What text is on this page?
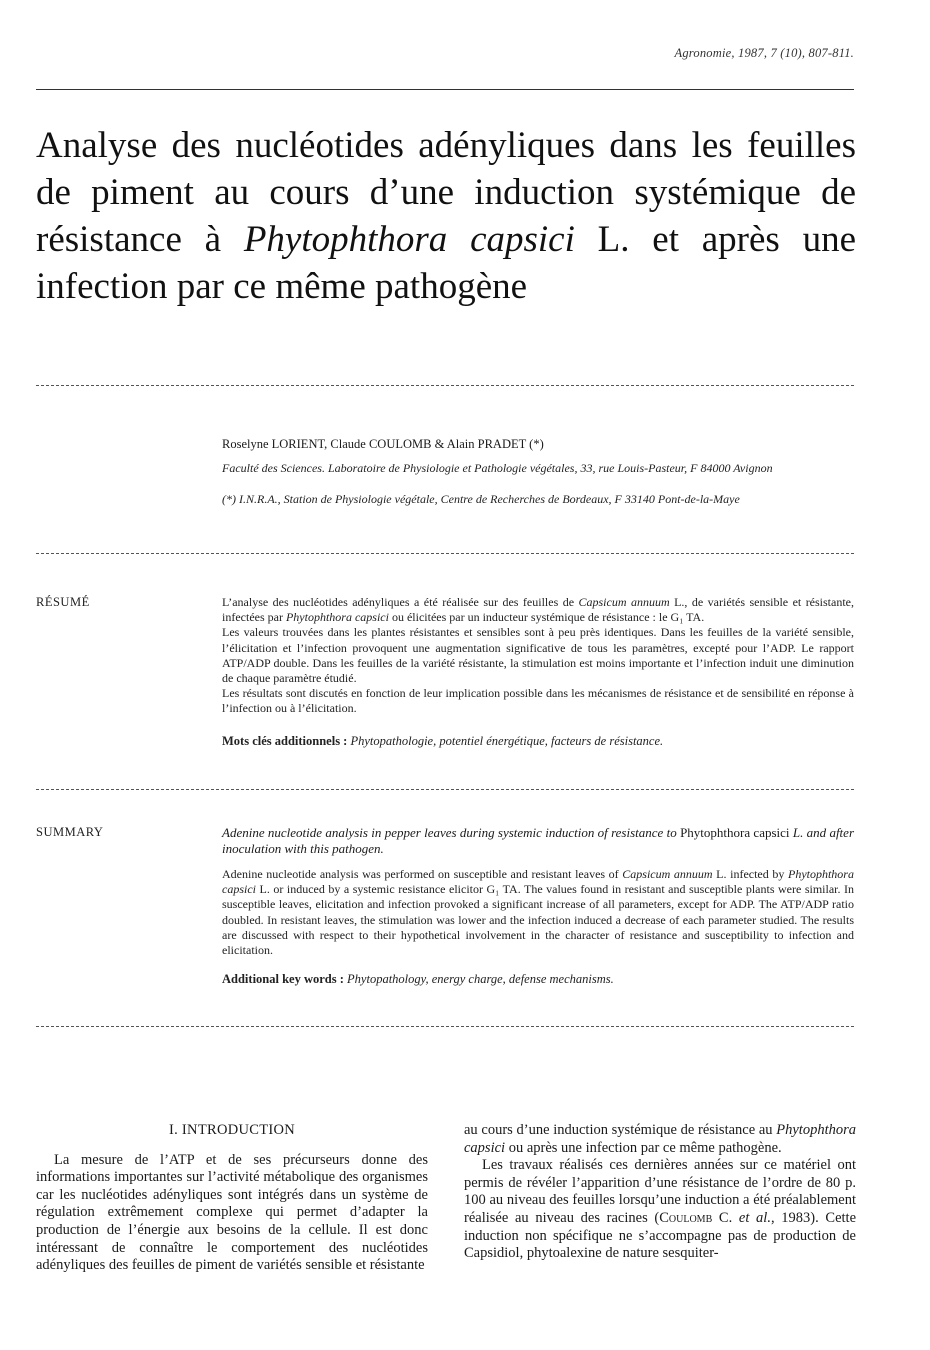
Agronomie, 1987, 7 (10), 807-811.
Analyse des nucléotides adényliques dans les feuilles de piment au cours d’une induction systémique de résistance à Phytophthora capsici L. et après une infection par ce même pathogène
Roselyne LORIENT, Claude COULOMB & Alain PRADET (*)
Faculté des Sciences. Laboratoire de Physiologie et Pathologie végétales, 33, rue Louis-Pasteur, F 84000 Avignon
(*) I.N.R.A., Station de Physiologie végétale, Centre de Recherches de Bordeaux, F 33140 Pont-de-la-Maye
RÉSUMÉ	L’analyse des nucléotides adényliques a été réalisée sur des feuilles de Capsicum annuum L., de variétés sensible et résistante, infectées par Phytophthora capsici ou élicitées par un inducteur systémique de résistance : le G₁ TA.

Les valeurs trouvées dans les plantes résistantes et sensibles sont à peu près identiques. Dans les feuilles de la variété sensible, l’élicitation et l’infection provoquent une augmentation significative de tous les paramètres, excepté pour l’ADP. Le rapport ATP/ADP double. Dans les feuilles de la variété résistante, la stimulation est moins importante et l’infection induit une diminution de chaque paramètre étudié.

Les résultats sont discutés en fonction de leur implication possible dans les mécanismes de résistance et de sensibilité en réponse à l’infection ou à l’élicitation.

Mots clés additionnels : Phytopathologie, potentiel énergétique, facteurs de résistance.
SUMMARY	Adenine nucleotide analysis in pepper leaves during systemic induction of resistance to Phytophthora capsici L. and after inoculation with this pathogen.

Adenine nucleotide analysis was performed on susceptible and resistant leaves of Capsicum annuum L. infected by Phytophthora capsici L. or induced by a systemic resistance elicitor G₁ TA. The values found in resistant and susceptible plants were similar. In susceptible leaves, elicitation and infection provoked a significant increase of all parameters, except for ADP. The ATP/ADP ratio doubled. In resistant leaves, the stimulation was lower and the infection induced a decrease of each parameter studied. The results are discussed with respect to their hypothetical involvement in the character of resistance and susceptibility to infection and elicitation.

Additional key words : Phytopathology, energy charge, defense mechanisms.
I. INTRODUCTION

La mesure de l’ATP et de ses précurseurs donne des informations importantes sur l’activité métabolique des organismes car les nucléotides adényliques sont intégrés dans un système de régulation extrêmement complexe qui permet d’adapter la production de l’énergie aux besoins de la cellule. Il est donc intéressant de connaître le comportement des nucléotides adényliques des feuilles de piment de variétés sensible et résistante

au cours d’une induction systémique de résistance au Phytophthora capsici ou après une infection par ce même pathogène.

Les travaux réalisés ces dernières années sur ce matériel ont permis de révéler l’apparition d’une résistance de l’ordre de 80 p. 100 au niveau des feuilles lorsqu’une induction a été préalablement réalisée au niveau des racines (Coulomb C. et al., 1983). Cette induction non spécifique ne s’accompagne pas de production de Capsidiol, phytoalexine de nature sesquiter-
